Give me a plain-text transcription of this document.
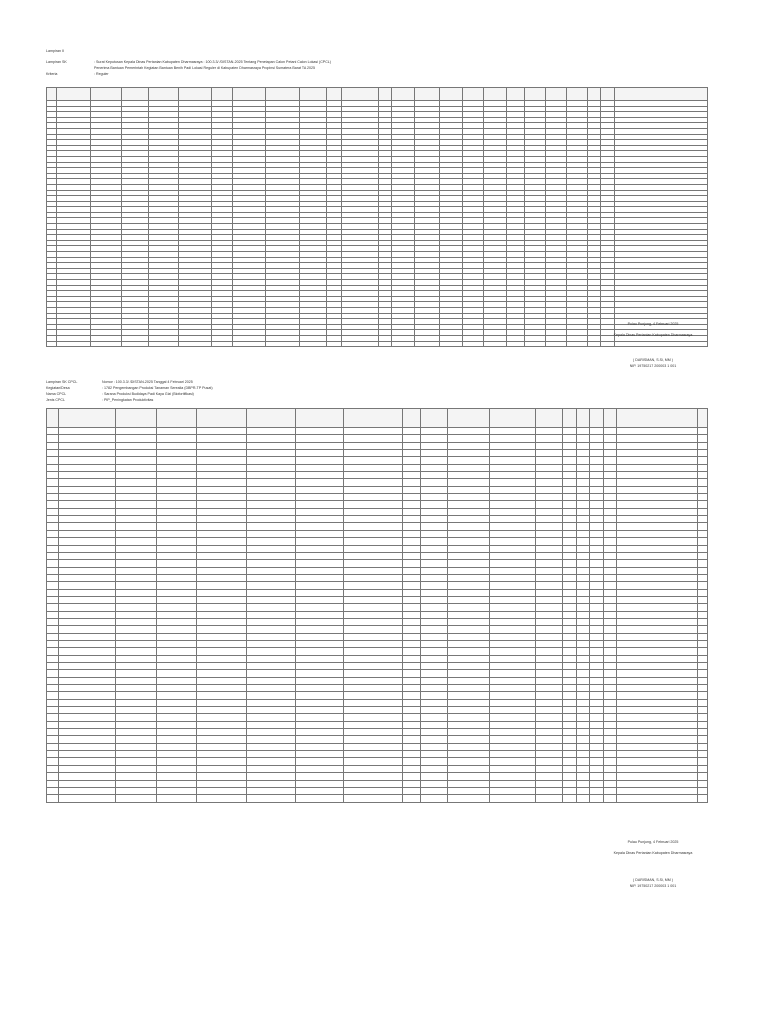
Lampiran II
Lampiran SK	: Surat Keputusan Kepala Dinas Pertanian Kabupaten Dharmasraya : 100.3.3/ /DISTAN-2025 Tentang Penetapan Calon Petani Calon Lokasi (CPCL)
Penerima Bantuan Pemerintah Kegiatan Bantuan Benih Padi Lokasi Reguler di Kabupaten Dharmasraya Propinsi Sumatera Barat TA 2025
Kriteria	: Reguler

Pulau Punjung, 4 Februari 2025
Kepala Dinas Pertanian Kabupaten Dharmasraya
( DARISMAN, S.Si, MM )
NIP. 19750217 200003 1 001
Lampiran SK CPCL	Nomor : 100.3.3/ /DISTAN-2025 Tanggal 4 Februari 2025
Kegiatan/Desa	: 1782 Pengembangan Produksi Tanaman Serealia (DBPR-TP Pusat)
Nama CPCL	: Sarana Produksi Budidaya Padi Kaya Gizi (Biofortifikasi)
Jenis CPCL	: PIP_Peningkatan Produktivitas

Pulau Punjung, 4 Februari 2025
Kepala Dinas Pertanian Kabupaten Dharmasraya
( DARISMAN, S.Si, MM )
NIP. 19750217 200003 1 001
